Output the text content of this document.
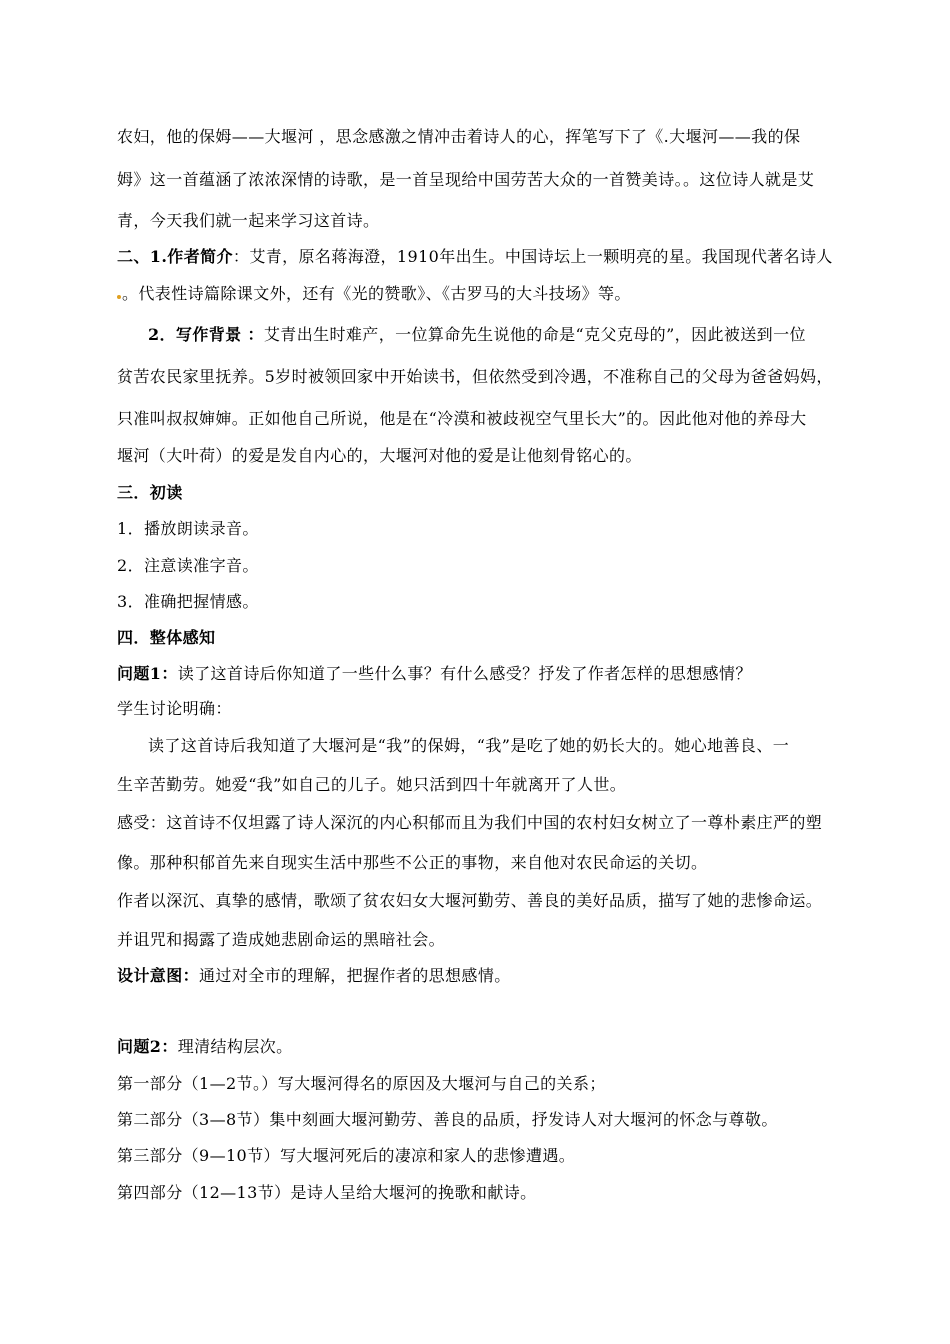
农妇，他的保姆——大堰河 ，思念感激之情冲击着诗人的心，挥笔写下了《.大堰河——我的保
姆》这一首蕴涵了浓浓深情的诗歌，是一首呈现给中国劳苦大众的一首赞美诗。。这位诗人就是艾
青，今天我们就一起来学习这首诗。
二、1.作者简介：艾青，原名蒋海澄，1910年出生。中国诗坛上一颗明亮的星。我国现代著名诗人
。代表性诗篇除课文外，还有《光的赞歌》、《古罗马的大斗技场》等。
2．写作背景 ：艾青出生时难产，一位算命先生说他的命是“克父克母的”，因此被送到一位
贫苦农民家里抚养。5岁时被领回家中开始读书，但依然受到冷遇，不准称自己的父母为爸爸妈妈，
只准叫叔叔婶婶。正如他自己所说，他是在“冷漠和被歧视空气里长大”的。因此他对他的养母大
堰河（大叶荷）的爱是发自内心的，大堰河对他的爱是让他刻骨铭心的。
三．初读
1．播放朗读录音。
2．注意读准字音。
3．准确把握情感。
四．整体感知
问题1：读了这首诗后你知道了一些什么事？有什么感受？抒发了作者怎样的思想感情？
学生讨论明确：
读了这首诗后我知道了大堰河是“我”的保姆，“我”是吃了她的奶长大的。她心地善良、一
生辛苦勤劳。她爱“我”如自己的儿子。她只活到四十年就离开了人世。
感受：这首诗不仅坦露了诗人深沉的内心积郁而且为我们中国的农村妇女树立了一尊朴素庄严的塑
像。那种积郁首先来自现实生活中那些不公正的事物，来自他对农民命运的关切。
作者以深沉、真挚的感情，歌颂了贫农妇女大堰河勤劳、善良的美好品质，描写了她的悲惨命运。
并诅咒和揭露了造成她悲剧命运的黑暗社会。
设计意图：通过对全市的理解，把握作者的思想感情。
问题2：理清结构层次。
第一部分（1—2节。）写大堰河得名的原因及大堰河与自己的关系；
第二部分（3—8节）集中刻画大堰河勤劳、善良的品质，抒发诗人对大堰河的怀念与尊敬。
第三部分（9—10节）写大堰河死后的凄凉和家人的悲惨遭遇。
第四部分（12—13节）是诗人呈给大堰河的挽歌和献诗。
